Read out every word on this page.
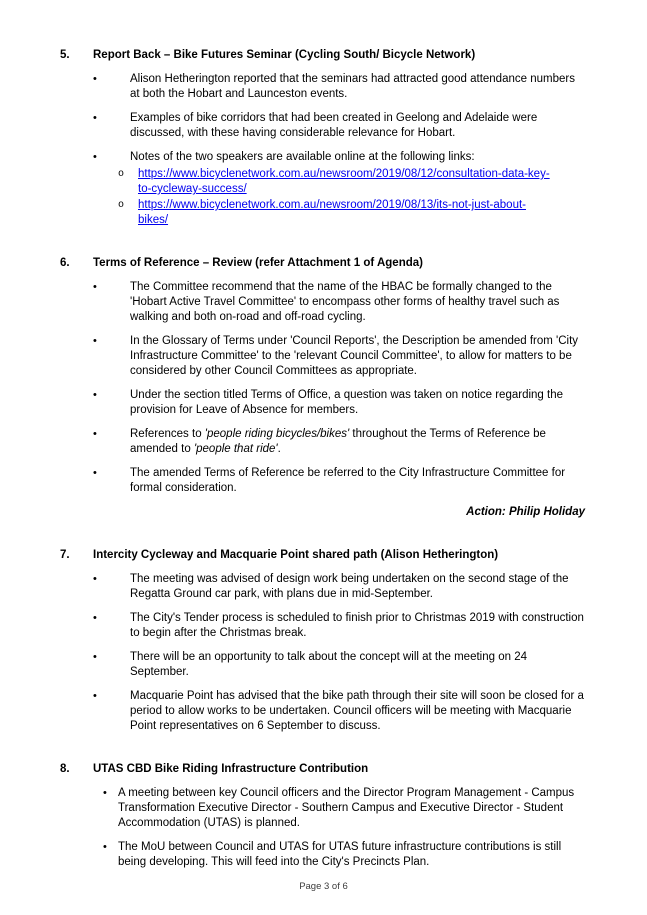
5.	Report Back – Bike Futures Seminar (Cycling South/ Bicycle Network)
•	Alison Hetherington reported that the seminars had attracted good attendance numbers at both the Hobart and Launceston events.
•	Examples of bike corridors that had been created in Geelong and Adelaide were discussed, with these having considerable relevance for Hobart.
•	Notes of the two speakers are available online at the following links:
o	https://www.bicyclenetwork.com.au/newsroom/2019/08/12/consultation-data-key-to-cycleway-success/
o	https://www.bicyclenetwork.com.au/newsroom/2019/08/13/its-not-just-about-bikes/
6.	Terms of Reference – Review (refer Attachment 1 of Agenda)
•	The Committee recommend that the name of the HBAC be formally changed to the 'Hobart Active Travel Committee' to encompass other forms of healthy travel such as walking and both on-road and off-road cycling.
•	In the Glossary of Terms under 'Council Reports', the Description be amended from 'City Infrastructure Committee' to the 'relevant Council Committee', to allow for matters to be considered by other Council Committees as appropriate.
•	Under the section titled Terms of Office, a question was taken on notice regarding the provision for Leave of Absence for members.
•	References to 'people riding bicycles/bikes' throughout the Terms of Reference be amended to 'people that ride'.
•	The amended Terms of Reference be referred to the City Infrastructure Committee for formal consideration.
Action: Philip Holiday
7.	Intercity Cycleway and Macquarie Point shared path (Alison Hetherington)
•	The meeting was advised of design work being undertaken on the second stage of the Regatta Ground car park, with plans due in mid-September.
•	The City's Tender process is scheduled to finish prior to Christmas 2019 with construction to begin after the Christmas break.
•	There will be an opportunity to talk about the concept will at the meeting on 24 September.
•	Macquarie Point has advised that the bike path through their site will soon be closed for a period to allow works to be undertaken. Council officers will be meeting with Macquarie Point representatives on 6 September to discuss.
8.	UTAS CBD Bike Riding Infrastructure Contribution
• A meeting between key Council officers and the Director Program Management - Campus Transformation Executive Director - Southern Campus and Executive Director - Student Accommodation (UTAS) is planned.
• The MoU between Council and UTAS for UTAS future infrastructure contributions is still being developing. This will feed into the City's Precincts Plan.
Page 3 of 6
